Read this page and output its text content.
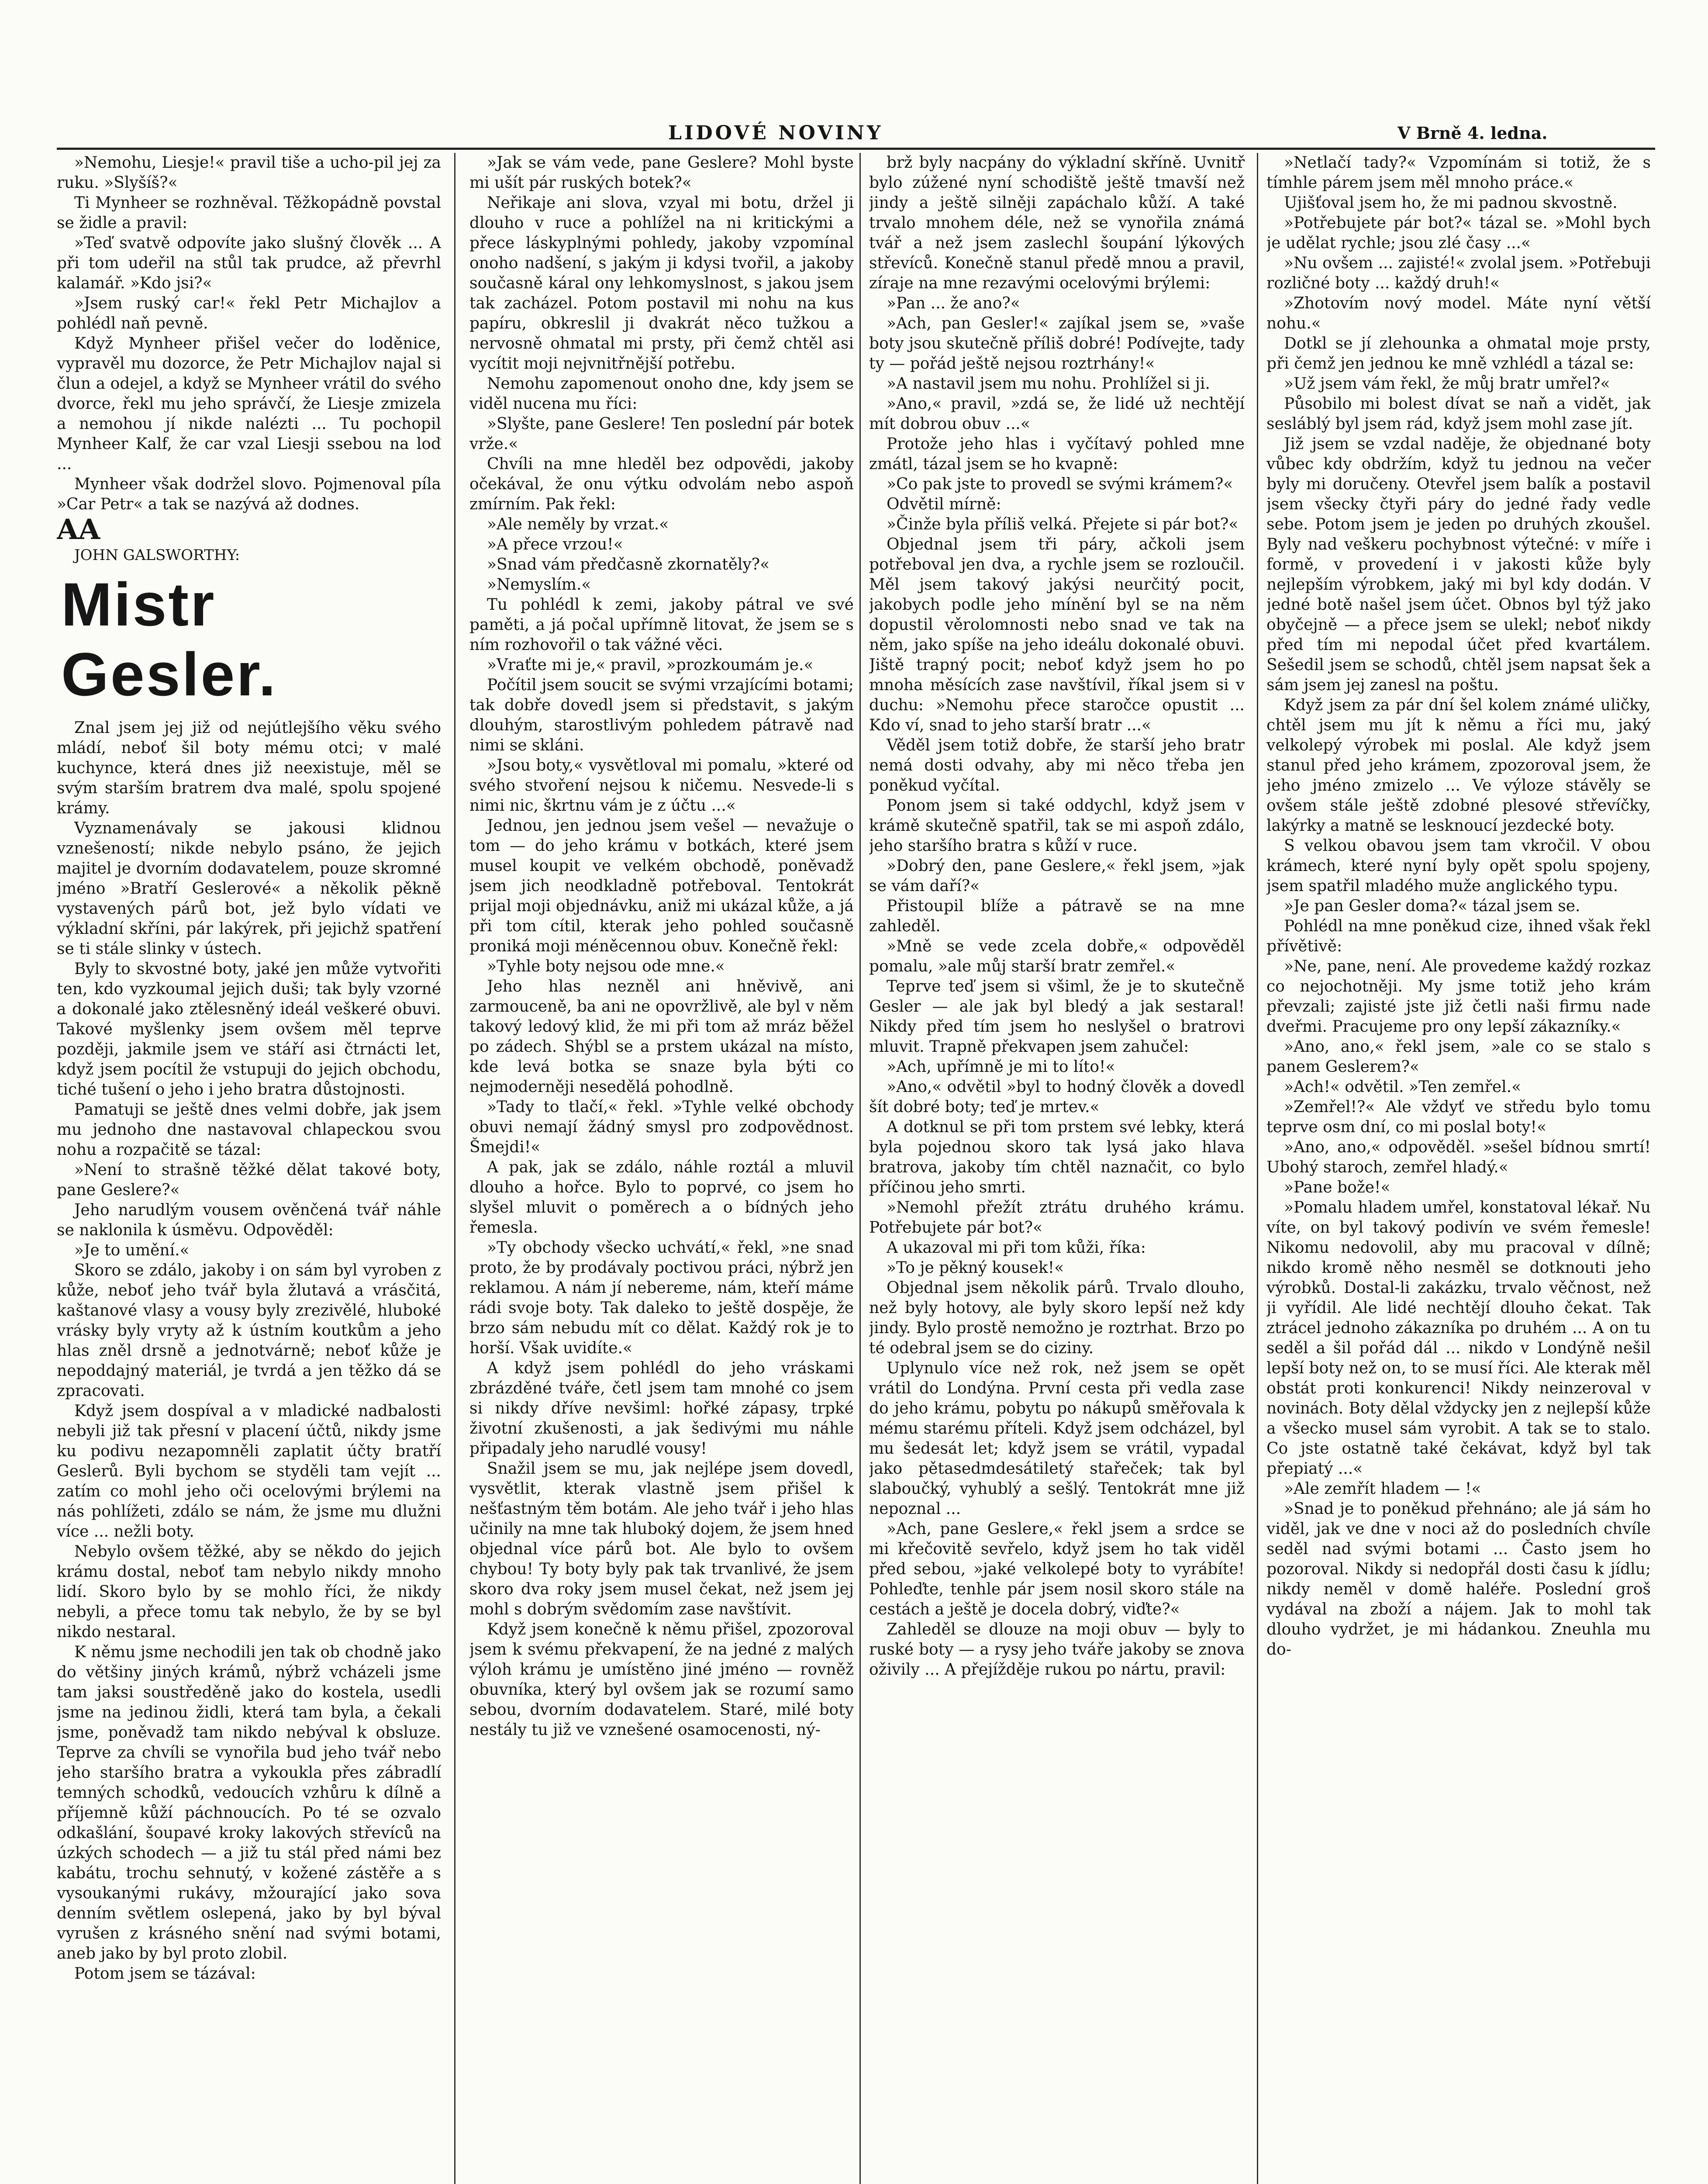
LIDOVÉ NOVINY	V Brně 4. ledna.

»Nemohu, Liesje!« pravil tiše a ucho-pil jej za ruku. »Slyšíš?«

Ti Mynheer se rozhněval. Těžkopádně povstal se židle a pravil:

»Teď svatvě odpovíte jako slušný člověk ... A při tom udeřil na stůl tak prudce, až převrhl kalamář. »Kdo jsi?«

»Jsem ruský car!« řekl Petr Michajlov a pohlédl naň pevně.

Když Mynheer přišel večer do loděnice, vypravěl mu dozorce, že Petr Michajlov najal si člun a odejel, a když se Mynheer vrátil do svého dvorce, řekl mu jeho správčí, že Liesje zmizela a nemohou jí nikde nalézti ... Tu pochopil Mynheer Kalf, že car vzal Liesji ssebou na loď ...

Mynheer však dodržel slovo. Pojmenoval píla »Car Petr« a tak se nazývá až dodnes.

AA

JOHN GALSWORTHY:

Mistr Gesler.

Znal jsem jej již od nejútlejšího věku svého mládí, neboť šil boty mému otci; v malé kuchynce, která dnes již neexistuje, měl se svým starším bratrem dva malé, spolu spojené krámy.

Vyznamenávaly se jakousi klidnou vznešeností; nikde nebylo psáno, že jejich majitel je dvorním dodavatelem, pouze skromné jméno »Bratří Geslerové« a několik pěkně vystavených párů bot, jež bylo vídati ve výkladní skříni, pár lakýrek, při jejichž spatření se ti stále slinky v ústech.

Byly to skvostné boty, jaké jen může vytvořiti ten, kdo vyzkoumal jejich duši; tak byly vzorné a dokonalé jako ztělesněný ideál veškeré obuvi. Takové myšlenky jsem ovšem měl teprve později, jakmile jsem ve stáří asi čtrnácti let, když jsem pocítil že vstupuji do jejich obchodu, tiché tušení o jeho i jeho bratra důstojnosti.

Pamatuji se ještě dnes velmi dobře, jak jsem mu jednoho dne nastavoval chlapeckou svou nohu a rozpačitě se tázal:

»Není to strašně těžké dělat takové boty, pane Geslere?«

Jeho narudlým vousem ověnčená tvář náhle se naklonila k úsměvu. Odpověděl:

»Je to umění.«

Skoro se zdálo, jakoby i on sám byl vyroben z kůže, neboť jeho tvář byla žlutavá a vrásčitá, kaštanové vlasy a vousy byly zrezivělé, hluboké vrásky byly vryty až k ústním koutkům a jeho hlas zněl drsně a jednotvárně; neboť kůže je nepoddajný materiál, je tvrdá a jen těžko dá se zpracovati.

Když jsem dospíval a v mladické nadbalosti nebyli již tak přesní v placení účtů, nikdy jsme ku podivu nezapomněli zaplatit účty bratří Geslerů. Byli bychom se styděli tam vejít ... zatím co mohl jeho oči ocelovými brýlemi na nás pohlížeti, zdálo se nám, že jsme mu dlužni více ... nežli boty.

Nebylo ovšem těžké, aby se někdo do jejich krámu dostal, neboť tam nebylo nikdy mnoho lidí. Skoro bylo by se mohlo říci, že nikdy nebyli, a přece tomu tak nebylo, že by se byl nikdo nestaral.

K němu jsme nechodili jen tak ob chodně jako do většiny jiných krámů, nýbrž vcházeli jsme tam jaksi soustředěně jako do kostela, usedli jsme na jedinou židli, která tam byla, a čekali jsme, poněvadž tam nikdo nebýval k obsluze. Teprve za chvíli se vynořila bud jeho tvář nebo jeho staršího bratra a vykoukla přes zábradlí temných schodků, vedoucích vzhůru k dílně a příjemně kůží páchnoucích. Po té se ozvalo odkašlání, šoupavé kroky lakových střevíců na úzkých schodech — a již tu stál před námi bez kabátu, trochu sehnutý, v kožené zástěře a s vysoukanými rukávy, mžourající jako sova denním světlem oslepená, jako by byl býval vyrušen z krásného snění nad svými botami, aneb jako by byl proto zlobil.

Potom jsem se tázával:

»Jak se vám vede, pane Geslere? Mohl byste mi ušít pár ruských botek?«

Neřikaje ani slova, vzyal mi botu, držel ji dlouho v ruce a pohlížel na ni kritickými a přece láskyplnými pohledy, jakoby vzpomínal onoho nadšení, s jakým ji kdysi tvořil, a jakoby současně káral ony lehkomyslnost, s jakou jsem tak zacházel. Potom postavil mi nohu na kus papíru, obkreslil ji dvakrát něco tužkou a nervosně ohmatal mi prsty, při čemž chtěl asi vycítit moji nejvnitřnější potřebu.

Nemohu zapomenout onoho dne, kdy jsem se viděl nucena mu říci:

»Slyšte, pane Geslere! Ten poslední pár botek vrže.«

Chvíli na mne hleděl bez odpovědi, jakoby očekával, že onu výtku odvolám nebo aspoň zmírním. Pak řekl:

»Ale neměly by vrzat.«

»A přece vrzou!«

»Snad vám předčasně zkornatěly?«

»Nemyslím.«

Tu pohlédl k zemi, jakoby pátral ve své paměti, a já počal upřímně litovat, že jsem se s ním rozhovořil o tak vážné věci.

»Vraťte mi je,« pravil, »prozkoumám je.«

Počítil jsem soucit se svými vrzajícími botami; tak dobře dovedl jsem si představit, s jakým dlouhým, starostlivým pohledem pátravě nad nimi se skláni.

»Jsou boty,« vysvětloval mi pomalu, »které od svého stvoření nejsou k ničemu. Nesvede-li s nimi nic, škrtnu vám je z účtu ...«

Jednou, jen jednou jsem vešel — nevažuje o tom — do jeho krámu v botkách, které jsem musel koupit ve velkém obchodě, poněvadž jsem jich neodkladně potřeboval. Tentokrát prijal moji objednávku, aniž mi ukázal kůže, a já při tom cítil, kterak jeho pohled současně proniká moji méněcennou obuv. Konečně řekl:

»Tyhle boty nejsou ode mne.«

Jeho hlas nezněl ani hněvivě, ani zarmouceně, ba ani ne opovržlivě, ale byl v něm takový ledový klid, že mi při tom až mráz běžel po zádech. Shýbl se a prstem ukázal na místo, kde levá botka se snaze byla býti co nejmoderněji nesedělá pohodlně.

»Tady to tlačí,« řekl. »Tyhle velké obchody obuvi nemají žádný smysl pro zodpovědnost. Šmejdi!«

A pak, jak se zdálo, náhle roztál a mluvil dlouho a hořce. Bylo to poprvé, co jsem ho slyšel mluvit o poměrech a o bídných jeho řemesla.

»Ty obchody všecko uchvátí,« řekl, »ne snad proto, že by prodávaly poctivou práci, nýbrž jen reklamou. A nám jí nebereme, nám, kteří máme rádi svoje boty. Tak daleko to ještě dospěje, že brzo sám nebudu mít co dělat. Každý rok je to horší. Však uvidíte.«

A když jsem pohlédl do jeho vráskami zbrázděné tváře, četl jsem tam mnohé co jsem si nikdy dříve nevšiml: hořké zápasy, trpké životní zkušenosti, a jak šedivými mu náhle připadaly jeho narudlé vousy!

Snažil jsem se mu, jak nejlépe jsem dovedl, vysvětlit, kterak vlastně jsem přišel k nešťastným těm botám. Ale jeho tvář i jeho hlas učinily na mne tak hluboký dojem, že jsem hned objednal více párů bot. Ale bylo to ovšem chybou! Ty boty byly pak tak trvanlivé, že jsem skoro dva roky jsem musel čekat, než jsem jej mohl s dobrým svědomím zase navštívit.

Když jsem konečně k němu přišel, zpozoroval jsem k svému překvapení, že na jedné z malých výloh krámu je umístěno jiné jméno — rovněž obuvníka, který byl ovšem jak se rozumí samo sebou, dvorním dodavatelem. Staré, milé boty nestály tu již ve vznešené osamocenosti, ný-

brž byly nacpány do výkladní skříně. Uvnitř bylo zúžené nyní schodiště ještě tmavší než jindy a ještě silněji zapáchalo kůží. A také trvalo mnohem déle, než se vynořila známá tvář a než jsem zaslechl šoupání lýkových střevíců. Konečně stanul předě mnou a pravil, zíraje na mne rezavými ocelovými brýlemi:

»Pan ... že ano?«

»Ach, pan Gesler!« zajíkal jsem se, »vaše boty jsou skutečně příliš dobré! Podívejte, tady ty — pořád ještě nejsou roztrhány!«

»A nastavil jsem mu nohu. Prohlížel si ji.

»Ano,« pravil, »zdá se, že lidé už nechtějí mít dobrou obuv ...«

Protože jeho hlas i vyčítavý pohled mne zmátl, tázal jsem se ho kvapně:

»Co pak jste to provedl se svými krámem?«

Odvětil mírně:

»Činže byla příliš velká. Přejete si pár bot?«

Objednal jsem tři páry, ačkoli jsem potřeboval jen dva, a rychle jsem se rozloučil. Měl jsem takový jakýsi neurčitý pocit, jakobych podle jeho mínění byl se na něm dopustil věrolomnosti nebo snad ve tak na něm, jako spíše na jeho ideálu dokonalé obuvi. Jiště trapný pocit; neboť když jsem ho po mnoha měsících zase navštívil, říkal jsem si v duchu: »Nemohu přece staročce opustit ... Kdo ví, snad to jeho starší bratr ...«

Věděl jsem totiž dobře, že starší jeho bratr nemá dosti odvahy, aby mi něco třeba jen poněkud vyčítal.

Ponom jsem si také oddychl, když jsem v krámě skutečně spatřil, tak se mi aspoň zdálo, jeho staršího bratra s kůží v ruce.

»Dobrý den, pane Geslere,« řekl jsem, »jak se vám daří?«

Přistoupil blíže a pátravě se na mne zahleděl.

»Mně se vede zcela dobře,« odpověděl pomalu, »ale můj starší bratr zemřel.«

Teprve teď jsem si všiml, že je to skutečně Gesler — ale jak byl bledý a jak sestaral! Nikdy před tím jsem ho neslyšel o bratrovi mluvit. Trapně překvapen jsem zahučel:

»Ach, upřímně je mi to líto!«

»Ano,« odvětil »byl to hodný člověk a dovedl šít dobré boty; teď je mrtev.«

A dotknul se při tom prstem své lebky, která byla pojednou skoro tak lysá jako hlava bratrova, jakoby tím chtěl naznačit, co bylo příčinou jeho smrti.

»Nemohl přežít ztrátu druhého krámu. Potřebujete pár bot?«

A ukazoval mi při tom kůži, říka:

»To je pěkný kousek!«

Objednal jsem několik párů. Trvalo dlouho, než byly hotovy, ale byly skoro lepší než kdy jindy. Bylo prostě nemožno je roztrhat. Brzo po té odebral jsem se do ciziny.

Uplynulo více než rok, než jsem se opět vrátil do Londýna. První cesta při vedla zase do jeho krámu, pobytu po nákupů směřovala k mému starému příteli. Když jsem odcházel, byl mu šedesát let; když jsem se vrátil, vypadal jako pětasedmdesátiletý stařeček; tak byl slaboučký, vyhublý a sešlý. Tentokrát mne již nepoznal ...

»Ach, pane Geslere,« řekl jsem a srdce se mi křečovitě sevřelo, když jsem ho tak viděl před sebou, »jaké velkolepé boty to vyrábíte! Pohleďte, tenhle pár jsem nosil skoro stále na cestách a ještě je docela dobrý, viďte?«

Zahleděl se dlouze na moji obuv — byly to ruské boty — a rysy jeho tváře jakoby se znova oživily ... A přejížděje rukou po nártu, pravil:

»Netlačí tady?« Vzpomínám si totiž, že s tímhle párem jsem měl mnoho práce.«

Ujišťoval jsem ho, že mi padnou skvostně.

»Potřebujete pár bot?« tázal se. »Mohl bych je udělat rychle; jsou zlé časy ...«

»Nu ovšem ... zajisté!« zvolal jsem. »Potřebuji rozličné boty ... každý druh!«

»Zhotovím nový model. Máte nyní větší nohu.«

Dotkl se jí zlehounka a ohmatal moje prsty, při čemž jen jednou ke mně vzhlédl a tázal se:

»Už jsem vám řekl, že můj bratr umřel?«

Působilo mi bolest dívat se naň a vidět, jak sesláblý byl jsem rád, když jsem mohl zase jít.

Již jsem se vzdal naděje, že objednané boty vůbec kdy obdržím, když tu jednou na večer byly mi doručeny. Otevřel jsem balík a postavil jsem všecky čtyři páry do jedné řady vedle sebe. Potom jsem je jeden po druhých zkoušel. Byly nad veškeru pochybnost výtečné: v míře i formě, v provedení i v jakosti kůže byly nejlepším výrobkem, jaký mi byl kdy dodán. V jedné botě našel jsem účet. Obnos byl týž jako obyčejně — a přece jsem se ulekl; neboť nikdy před tím mi nepodal účet před kvartálem. Sešedil jsem se schodů, chtěl jsem napsat šek a sám jsem jej zanesl na poštu.

Když jsem za pár dní šel kolem známé uličky, chtěl jsem mu jít k němu a říci mu, jaký velkolepý výrobek mi poslal. Ale když jsem stanul před jeho krámem, zpozoroval jsem, že jeho jméno zmizelo ... Ve výloze stávěly se ovšem stále ještě zdobné plesové střevíčky, lakýrky a matně se lesknoucí jezdecké boty.

S velkou obavou jsem tam vkročil. V obou krámech, které nyní byly opět spolu spojeny, jsem spatřil mladého muže anglického typu.

»Je pan Gesler doma?« tázal jsem se.

Pohlédl na mne poněkud cize, ihned však řekl přívětivě:

»Ne, pane, není. Ale provedeme každý rozkaz co nejochotněji. My jsme totiž jeho krám převzali; zajisté jste již četli naši firmu nade dveřmi. Pracujeme pro ony lepší zákazníky.«

»Ano, ano,« řekl jsem, »ale co se stalo s panem Geslerem?«

»Ach!« odvětil. »Ten zemřel.«

»Zemřel!?« Ale vždyť ve středu bylo tomu teprve osm dní, co mi poslal boty!«

»Ano, ano,« odpověděl. »sešel bídnou smrtí! Ubohý staroch, zemřel hladý.«

»Pane bože!«

»Pomalu hladem umřel, konstatoval lékař. Nu víte, on byl takový podivín ve svém řemesle! Nikomu nedovolil, aby mu pracoval v dílně; nikdo kromě něho nesměl se dotknouti jeho výrobků. Dostal-li zakázku, trvalo věčnost, než ji vyřídil. Ale lidé nechtějí dlouho čekat. Tak ztrácel jednoho zákazníka po druhém ... A on tu seděl a šil pořád dál ... nikdo v Londýně nešil lepší boty než on, to se musí říci. Ale kterak měl obstát proti konkurenci! Nikdy neinzeroval v novinách. Boty dělal vždycky jen z nejlepší kůže a všecko musel sám vyrobit. A tak se to stalo. Co jste ostatně také čekávat, když byl tak přepiatý ...«

»Ale zemřít hladem — !«

»Snad je to poněkud přehnáno; ale já sám ho viděl, jak ve dne v noci až do posledních chvíle seděl nad svými botami ... Často jsem ho pozoroval. Nikdy si nedopřál dosti času k jídlu; nikdy neměl v domě haléře. Poslední groš vydával na zboží a nájem. Jak to mohl tak dlouho vydržet, je mi hádankou. Zneuhla mu do-
